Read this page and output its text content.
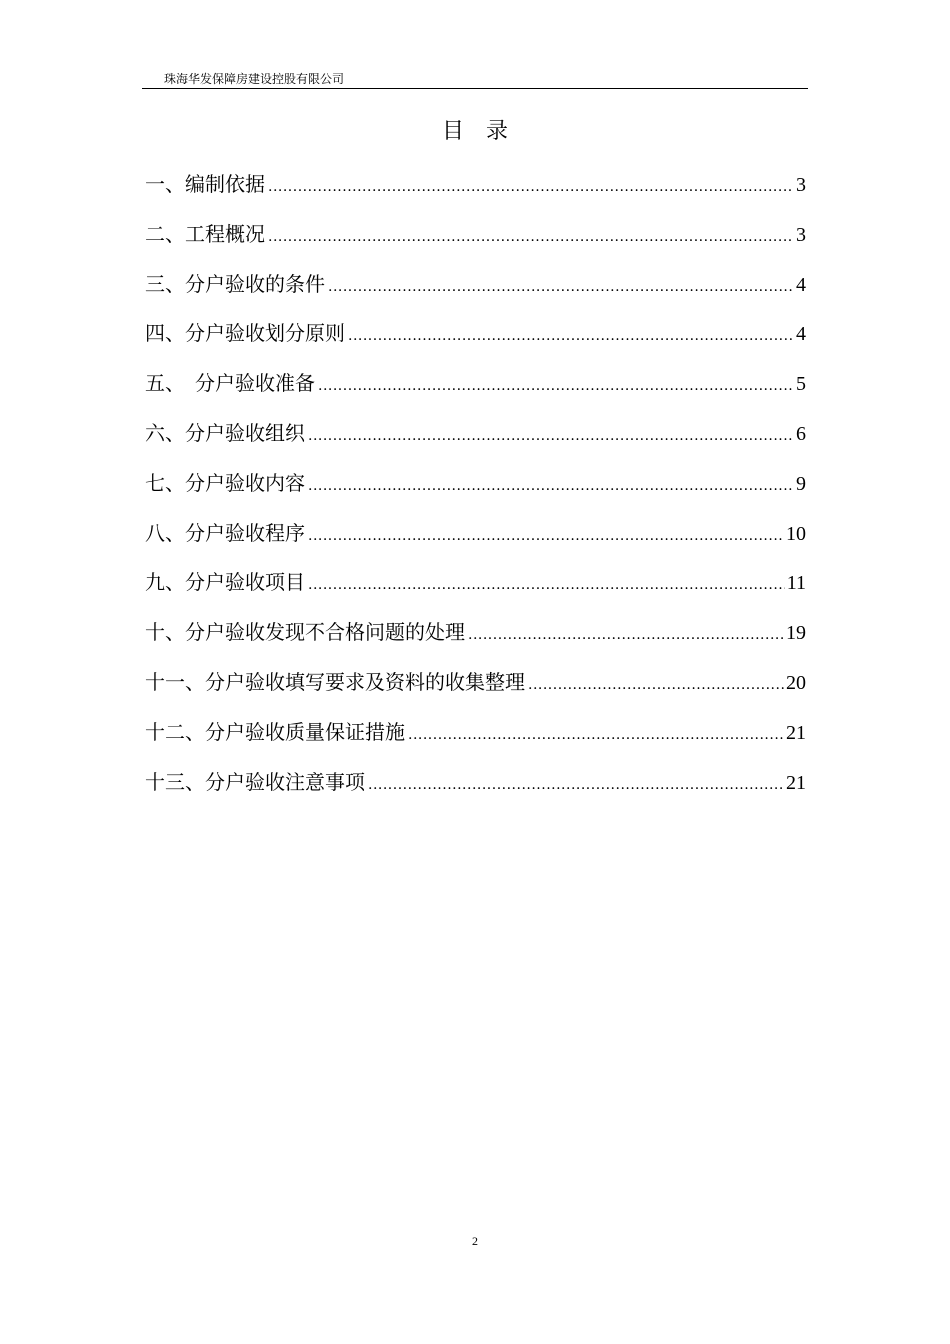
珠海华发保障房建设控股有限公司
目　录
一、编制依据 .....	3
二、工程概况 .....	3
三、分户验收的条件 .....	4
四、分户验收划分原则 .....	4
五、　分户验收准备 .....	5
六、分户验收组织 .....	6
七、分户验收内容 .....	9
八、分户验收程序 .....	10
九、分户验收项目 .....	11
十、分户验收发现不合格问题的处理 .....	19
十一、分户验收填写要求及资料的收集整理 .....	20
十二、分户验收质量保证措施 .....	21
十三、分户验收注意事项 .....	21
2
